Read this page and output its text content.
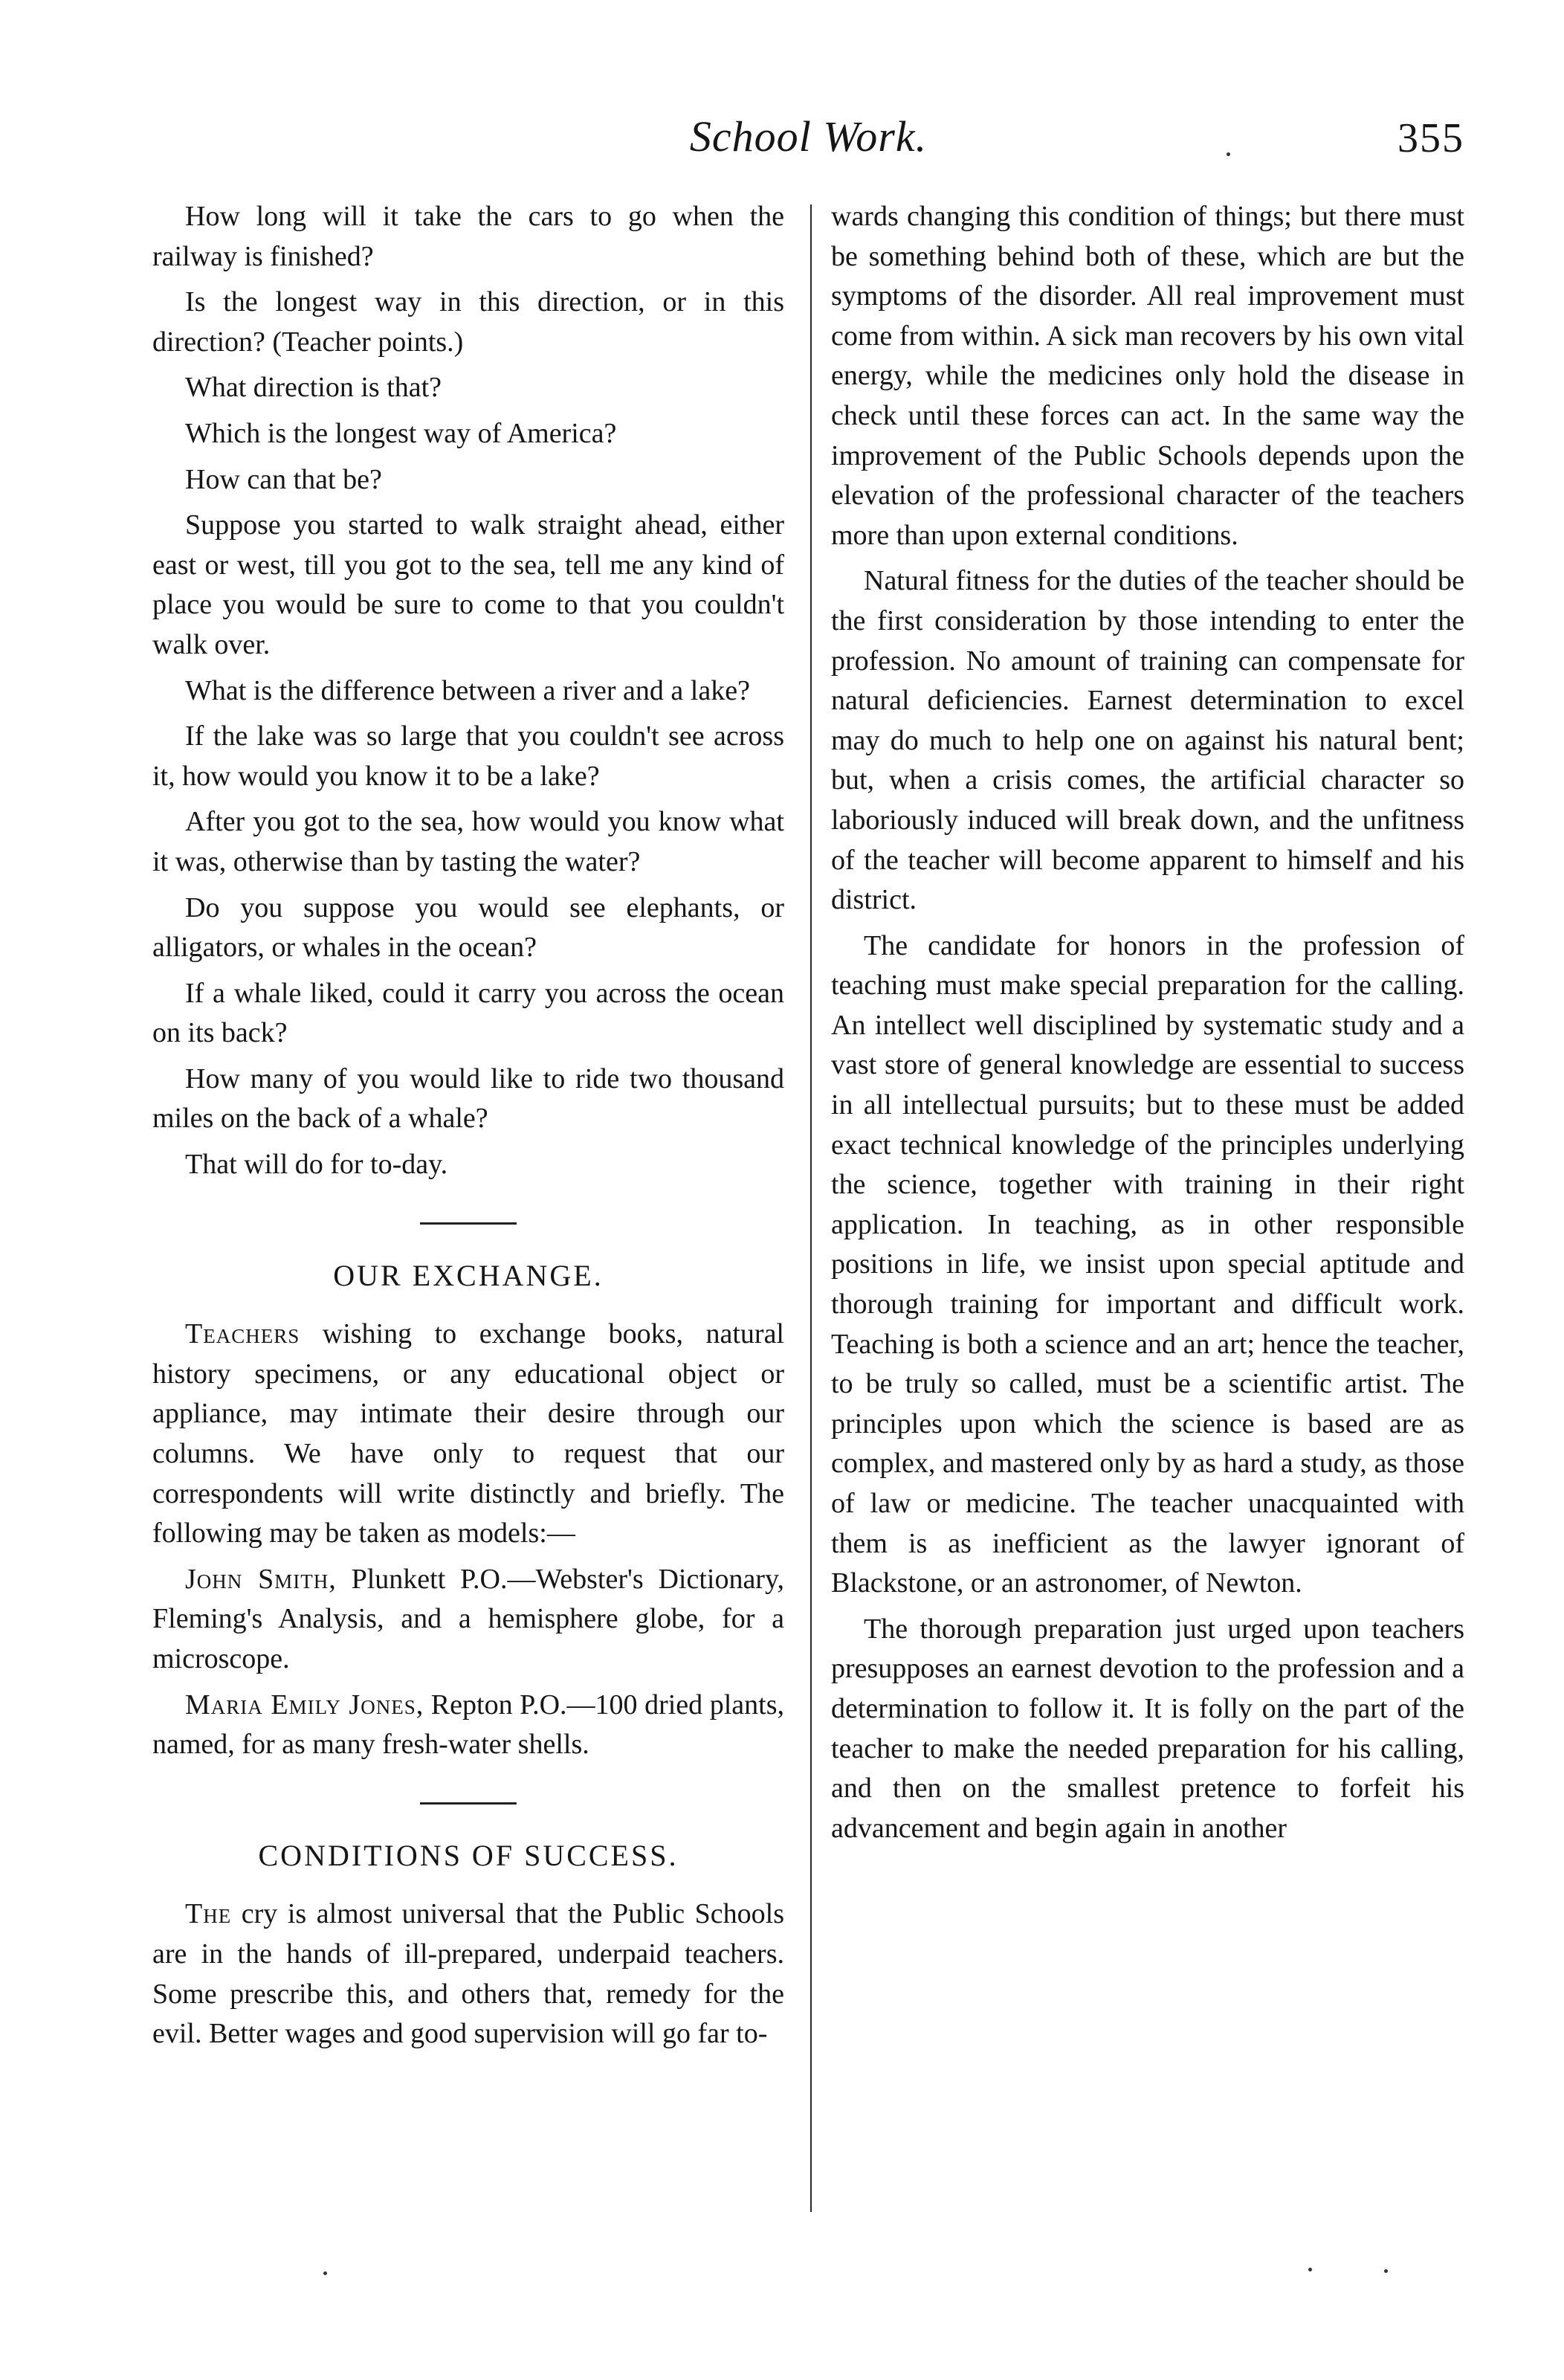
School Work.	355

How long will it take the cars to go when the railway is finished?

Is the longest way in this direction, or in this direction? (Teacher points.)

What direction is that?

Which is the longest way of America?

How can that be?

Suppose you started to walk straight ahead, either east or west, till you got to the sea, tell me any kind of place you would be sure to come to that you couldn't walk over.

What is the difference between a river and a lake?

If the lake was so large that you couldn't see across it, how would you know it to be a lake?

After you got to the sea, how would you know what it was, otherwise than by tasting the water?

Do you suppose you would see elephants, or alligators, or whales in the ocean?

If a whale liked, could it carry you across the ocean on its back?

How many of you would like to ride two thousand miles on the back of a whale?

That will do for to-day.

OUR EXCHANGE.

Teachers wishing to exchange books, natural history specimens, or any educational object or appliance, may intimate their desire through our columns. We have only to request that our correspondents will write distinctly and briefly. The following may be taken as models:—

John Smith, Plunkett P.O.—Webster's Dictionary, Fleming's Analysis, and a hemisphere globe, for a microscope.

Maria Emily Jones, Repton P.O.—100 dried plants, named, for as many fresh-water shells.

CONDITIONS OF SUCCESS.

The cry is almost universal that the Public Schools are in the hands of ill-prepared, underpaid teachers. Some prescribe this, and others that, remedy for the evil. Better wages and good supervision will go far to-

wards changing this condition of things; but there must be something behind both of these, which are but the symptoms of the disorder. All real improvement must come from within. A sick man recovers by his own vital energy, while the medicines only hold the disease in check until these forces can act. In the same way the improvement of the Public Schools depends upon the elevation of the professional character of the teachers more than upon external conditions.

Natural fitness for the duties of the teacher should be the first consideration by those intending to enter the profession. No amount of training can compensate for natural deficiencies. Earnest determination to excel may do much to help one on against his natural bent; but, when a crisis comes, the artificial character so laboriously induced will break down, and the unfitness of the teacher will become apparent to himself and his district.

The candidate for honors in the profession of teaching must make special preparation for the calling. An intellect well disciplined by systematic study and a vast store of general knowledge are essential to success in all intellectual pursuits; but to these must be added exact technical knowledge of the principles underlying the science, together with training in their right application. In teaching, as in other responsible positions in life, we insist upon special aptitude and thorough training for important and difficult work. Teaching is both a science and an art; hence the teacher, to be truly so called, must be a scientific artist. The principles upon which the science is based are as complex, and mastered only by as hard a study, as those of law or medicine. The teacher unacquainted with them is as inefficient as the lawyer ignorant of Blackstone, or an astronomer, of Newton.

The thorough preparation just urged upon teachers presupposes an earnest devotion to the profession and a determination to follow it. It is folly on the part of the teacher to make the needed preparation for his calling, and then on the smallest pretence to forfeit his advancement and begin again in another
